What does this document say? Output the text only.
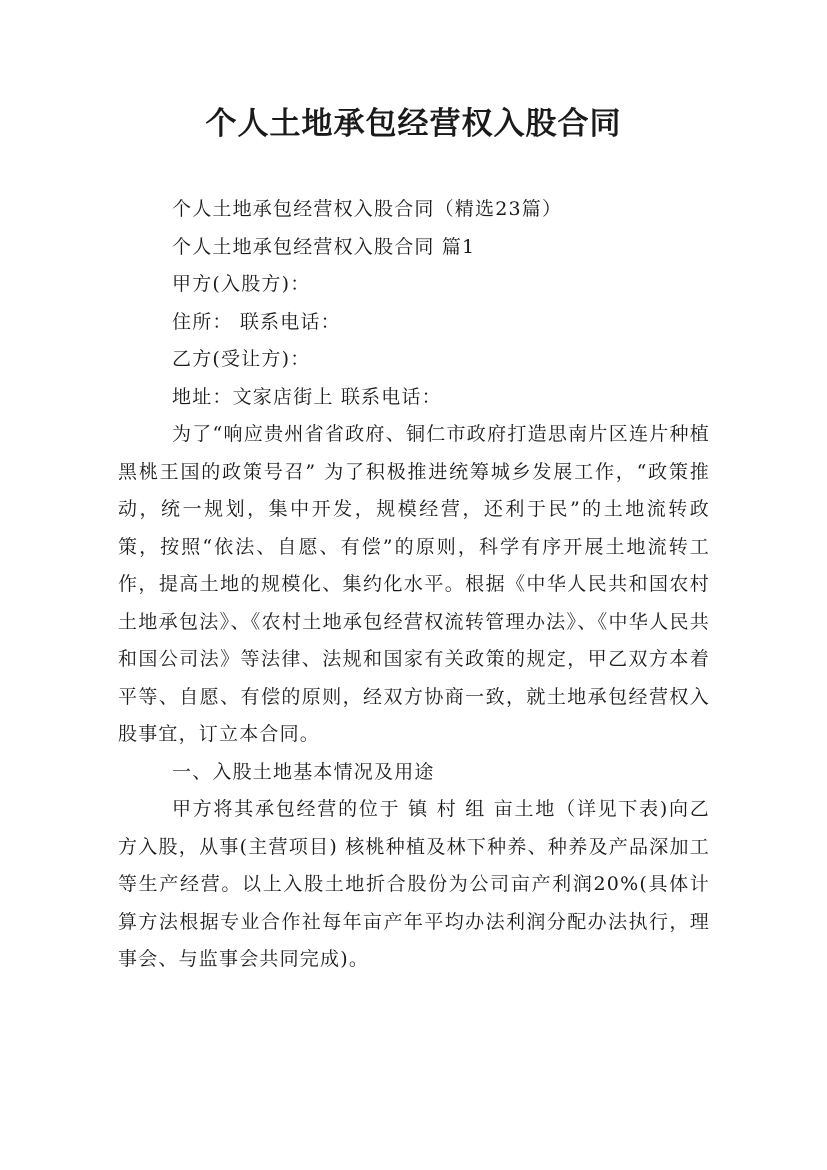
个人土地承包经营权入股合同

个人土地承包经营权入股合同（精选23篇）

个人土地承包经营权入股合同 篇1

甲方(入股方)：

住所： 联系电话：

乙方(受让方)：

地址：文家店街上 联系电话：

为了“响应贵州省省政府、铜仁市政府打造思南片区连片种植黑桃王国的政策号召” 为了积极推进统筹城乡发展工作，“政策推动，统一规划，集中开发，规模经营，还利于民”的土地流转政策，按照“依法、自愿、有偿”的原则，科学有序开展土地流转工作，提高土地的规模化、集约化水平。根据《中华人民共和国农村土地承包法》、《农村土地承包经营权流转管理办法》、《中华人民共和国公司法》等法律、法规和国家有关政策的规定，甲乙双方本着平等、自愿、有偿的原则，经双方协商一致，就土地承包经营权入股事宜，订立本合同。

一、入股土地基本情况及用途

甲方将其承包经营的位于 镇 村 组 亩土地（详见下表)向乙方入股，从事(主营项目) 核桃种植及林下种养、种养及产品深加工等生产经营。以上入股土地折合股份为公司亩产利润20%(具体计算方法根据专业合作社每年亩产年平均办法利润分配办法执行，理事会、与监事会共同完成)。
